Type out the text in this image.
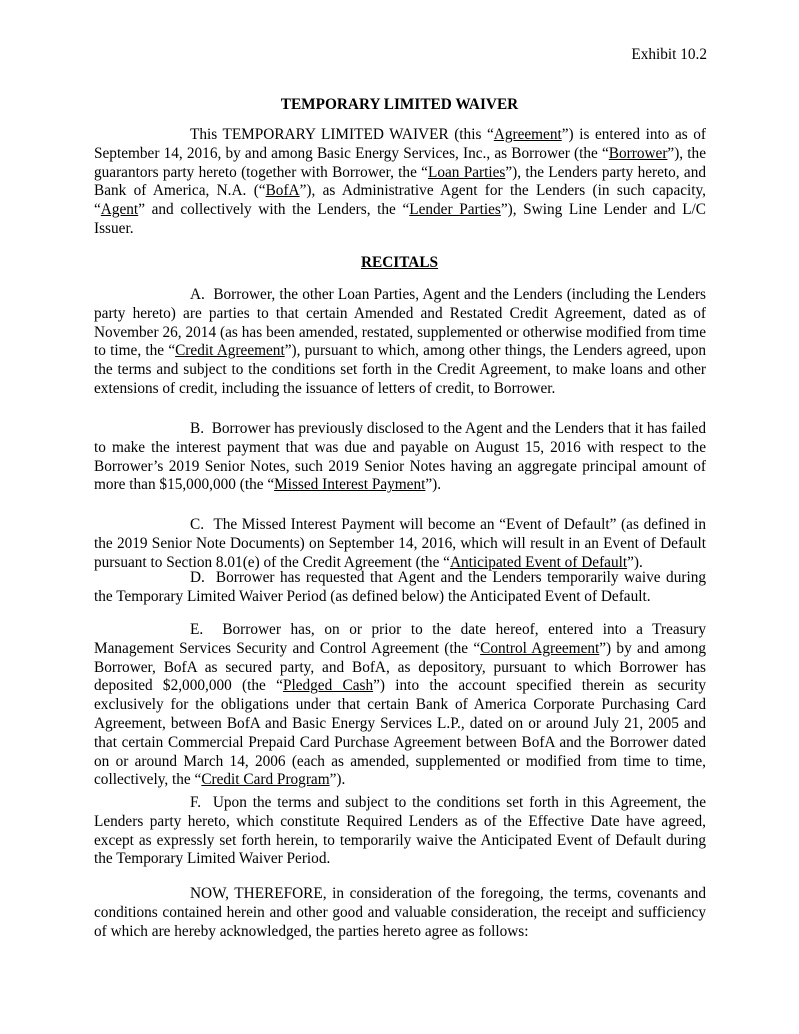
Exhibit 10.2

TEMPORARY LIMITED WAIVER

This TEMPORARY LIMITED WAIVER (this “Agreement”) is entered into as of September 14, 2016, by and among Basic Energy Services, Inc., as Borrower (the “Borrower”), the guarantors party hereto (together with Borrower, the “Loan Parties”), the Lenders party hereto, and Bank of America, N.A. (“BofA”), as Administrative Agent for the Lenders (in such capacity, “Agent” and collectively with the Lenders, the “Lender Parties”), Swing Line Lender and L/C Issuer.

RECITALS

A.  Borrower, the other Loan Parties, Agent and the Lenders (including the Lenders party hereto) are parties to that certain Amended and Restated Credit Agreement, dated as of November 26, 2014 (as has been amended, restated, supplemented or otherwise modified from time to time, the “Credit Agreement”), pursuant to which, among other things, the Lenders agreed, upon the terms and subject to the conditions set forth in the Credit Agreement, to make loans and other extensions of credit, including the issuance of letters of credit, to Borrower.

B.  Borrower has previously disclosed to the Agent and the Lenders that it has failed to make the interest payment that was due and payable on August 15, 2016 with respect to the Borrower’s 2019 Senior Notes, such 2019 Senior Notes having an aggregate principal amount of more than $15,000,000 (the “Missed Interest Payment”).

C.  The Missed Interest Payment will become an “Event of Default” (as defined in the 2019 Senior Note Documents) on September 14, 2016, which will result in an Event of Default pursuant to Section 8.01(e) of the Credit Agreement (the “Anticipated Event of Default”).

D.  Borrower has requested that Agent and the Lenders temporarily waive during the Temporary Limited Waiver Period (as defined below) the Anticipated Event of Default.

E.  Borrower has, on or prior to the date hereof, entered into a Treasury Management Services Security and Control Agreement (the “Control Agreement”) by and among Borrower, BofA as secured party, and BofA, as depository, pursuant to which Borrower has deposited $2,000,000 (the “Pledged Cash”) into the account specified therein as security exclusively for the obligations under that certain Bank of America Corporate Purchasing Card Agreement, between BofA and Basic Energy Services L.P., dated on or around July 21, 2005 and that certain Commercial Prepaid Card Purchase Agreement between BofA and the Borrower dated on or around March 14, 2006 (each as amended, supplemented or modified from time to time, collectively, the “Credit Card Program”).

F.  Upon the terms and subject to the conditions set forth in this Agreement, the Lenders party hereto, which constitute Required Lenders as of the Effective Date have agreed, except as expressly set forth herein, to temporarily waive the Anticipated Event of Default during the Temporary Limited Waiver Period.

NOW, THEREFORE, in consideration of the foregoing, the terms, covenants and conditions contained herein and other good and valuable consideration, the receipt and sufficiency of which are hereby acknowledged, the parties hereto agree as follows:
